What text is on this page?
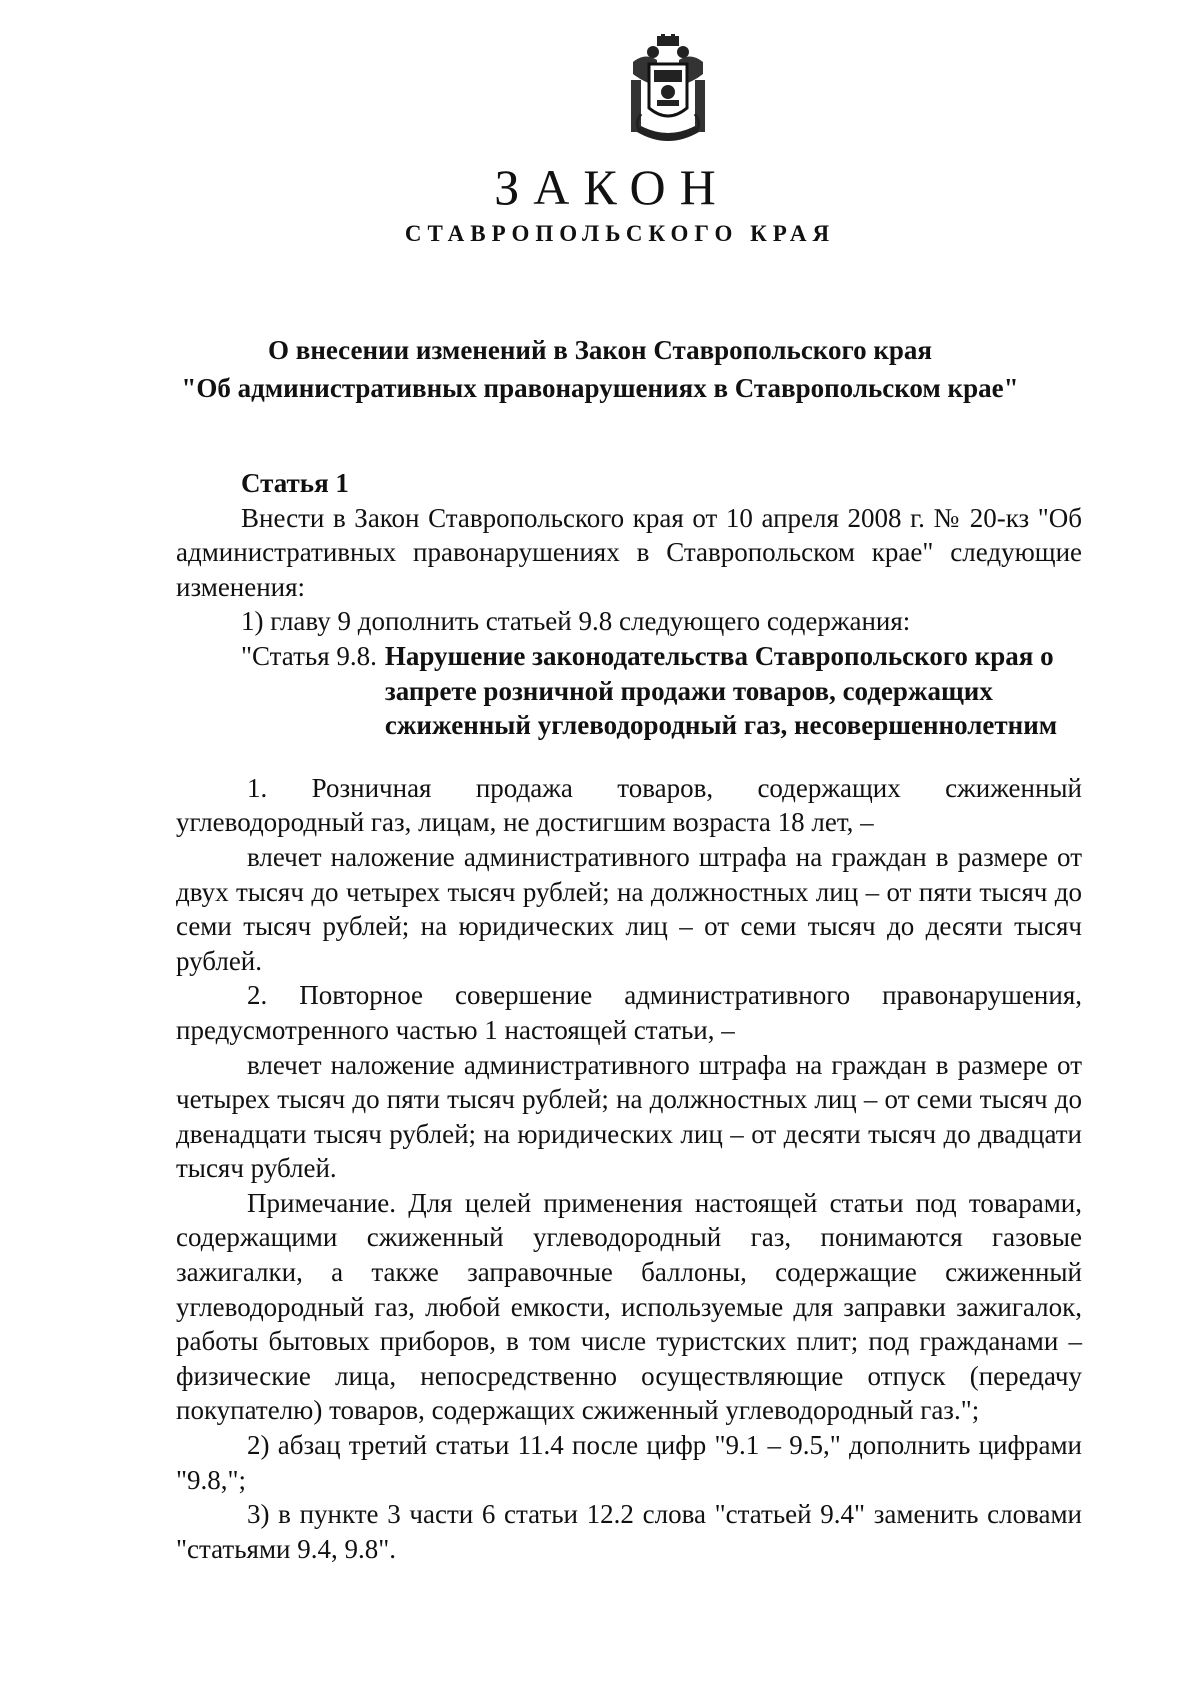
ЗАКОН
СТАВРОПОЛЬСКОГО КРАЯ
О внесении изменений в Закон Ставропольского края
"Об административных правонарушениях в Ставропольском крае"

Статья 1

Внести в Закон Ставропольского края от 10 апреля 2008 г. № 20-кз "Об административных правонарушениях в Ставропольском крае" следующие изменения:

1) главу 9 дополнить статьей 9.8 следующего содержания:

"Статья 9.8. Нарушение законодательства Ставропольского края о запрете розничной продажи товаров, содержащих сжиженный углеводородный газ, несовершеннолетним

1. Розничная продажа товаров, содержащих сжиженный углеводородный газ, лицам, не достигшим возраста 18 лет, –

влечет наложение административного штрафа на граждан в размере от двух тысяч до четырех тысяч рублей; на должностных лиц – от пяти тысяч до семи тысяч рублей; на юридических лиц – от семи тысяч до десяти тысяч рублей.

2. Повторное совершение административного правонарушения, предусмотренного частью 1 настоящей статьи, –

влечет наложение административного штрафа на граждан в размере от четырех тысяч до пяти тысяч рублей; на должностных лиц – от семи тысяч до двенадцати тысяч рублей; на юридических лиц – от десяти тысяч до двадцати тысяч рублей.

Примечание. Для целей применения настоящей статьи под товарами, содержащими сжиженный углеводородный газ, понимаются газовые зажигалки, а также заправочные баллоны, содержащие сжиженный углеводородный газ, любой емкости, используемые для заправки зажигалок, работы бытовых приборов, в том числе туристских плит; под гражданами – физические лица, непосредственно осуществляющие отпуск (передачу покупателю) товаров, содержащих сжиженный углеводородный газ.";

2) абзац третий статьи 11.4 после цифр "9.1 – 9.5," дополнить цифрами "9.8,";

3) в пункте 3 части 6 статьи 12.2 слова "статьей 9.4" заменить словами "статьями 9.4, 9.8".
